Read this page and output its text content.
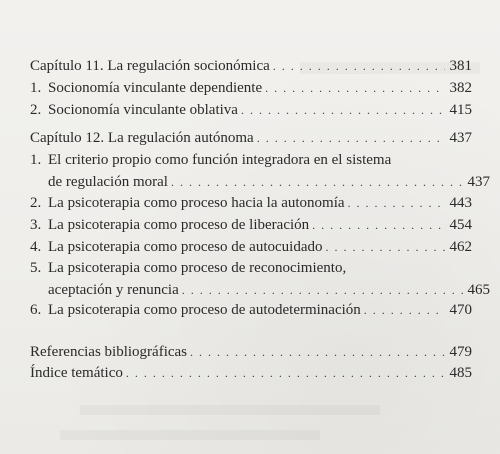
Capítulo 11. La regulación socionómica . . .	381
1. Socionomía vinculante dependiente . . .	382
2. Socionomía vinculante oblativa . . .	415
Capítulo 12. La regulación autónoma . . .	437
1. El criterio propio como función integradora en el sistema
de regulación moral . . .	437
2. La psicoterapia como proceso hacia la autonomía . . .	443
3. La psicoterapia como proceso de liberación . . .	454
4. La psicoterapia como proceso de autocuidado . . .	462
5. La psicoterapia como proceso de reconocimiento,
aceptación y renuncia . . .	465
6. La psicoterapia como proceso de autodeterminación . . .	470
Referencias bibliográficas . . .	479
Índice temático . . .	485
